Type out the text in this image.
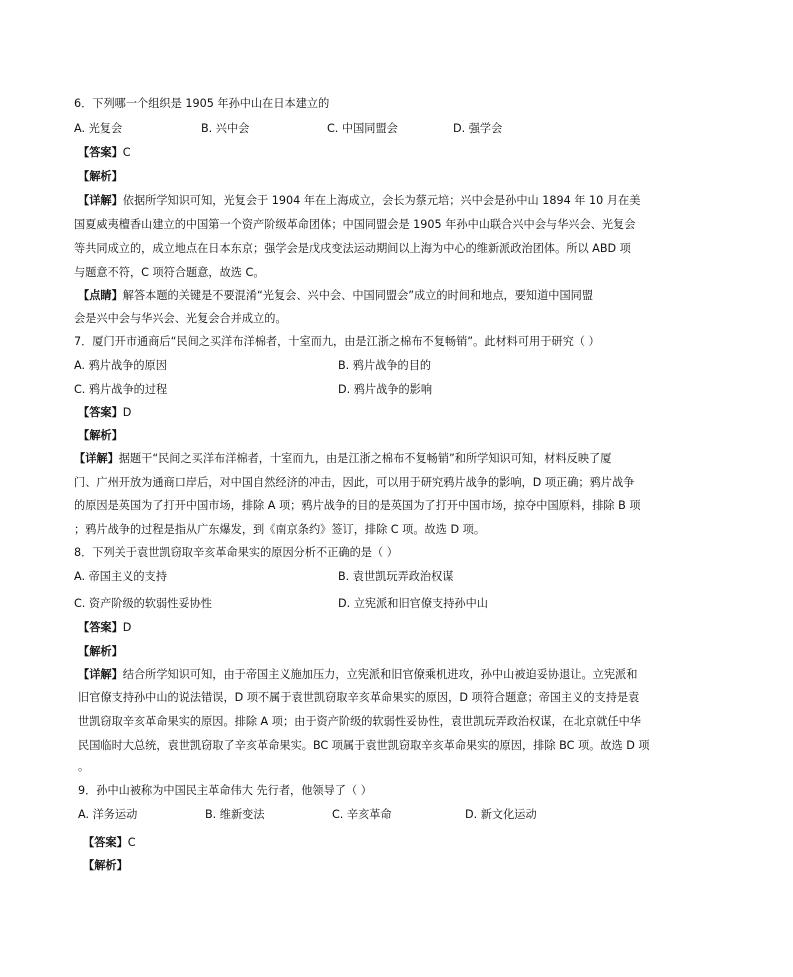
6．下列哪一个组织是 1905 年孙中山在日本建立的
A. 光复会	B. 兴中会	C. 中国同盟会	D. 强学会
【答案】C
【解析】
【详解】依据所学知识可知，光复会于 1904 年在上海成立，会长为蔡元培；兴中会是孙中山 1894 年 10 月在美
国夏威夷檀香山建立的中国第一个资产阶级革命团体；中国同盟会是 1905 年孙中山联合兴中会与华兴会、光复会
等共同成立的，成立地点在日本东京；强学会是戊戌变法运动期间以上海为中心的维新派政治团体。所以 ABD 项
与题意不符，C 项符合题意，故选 C。
【点睛】解答本题的关键是不要混淆“光复会、兴中会、中国同盟会”成立的时间和地点，要知道中国同盟
会是兴中会与华兴会、光复会合并成立的。
7．厦门开市通商后“民间之买洋布洋棉者，十室而九，由是江浙之棉布不复畅销”。此材料可用于研究（ ）
A. 鸦片战争的原因	B. 鸦片战争的目的
C. 鸦片战争的过程	D. 鸦片战争的影响
【答案】D
【解析】
【详解】据题干“民间之买洋布洋棉者，十室而九，由是江浙之棉布不复畅销”和所学知识可知，材料反映了厦
门、广州开放为通商口岸后，对中国自然经济的冲击，因此，可以用于研究鸦片战争的影响，D 项正确；鸦片战争
的原因是英国为了打开中国市场，排除 A 项；鸦片战争的目的是英国为了打开中国市场，掠夺中国原料，排除 B 项
；鸦片战争的过程是指从广东爆发，到《南京条约》签订，排除 C 项。故选 D 项。
8．下列关于袁世凯窃取辛亥革命果实的原因分析不正确的是（ ）
A. 帝国主义的支持	B. 袁世凯玩弄政治权谋
C. 资产阶级的软弱性妥协性	D. 立宪派和旧官僚支持孙中山
【答案】D
【解析】
【详解】结合所学知识可知，由于帝国主义施加压力，立宪派和旧官僚乘机进攻，孙中山被迫妥协退让。立宪派和
旧官僚支持孙中山的说法错误，D 项不属于袁世凯窃取辛亥革命果实的原因，D 项符合题意；帝国主义的支持是袁
世凯窃取辛亥革命果实的原因。排除 A 项；由于资产阶级的软弱性妥协性，袁世凯玩弄政治权谋，在北京就任中华
民国临时大总统，袁世凯窃取了辛亥革命果实。BC 项属于袁世凯窃取辛亥革命果实的原因，排除 BC 项。故选 D 项
。
9．孙中山被称为中国民主革命伟大 先行者，他领导了（ ）
A. 洋务运动	B. 维新变法	C. 辛亥革命	D. 新文化运动
【答案】C
【解析】
